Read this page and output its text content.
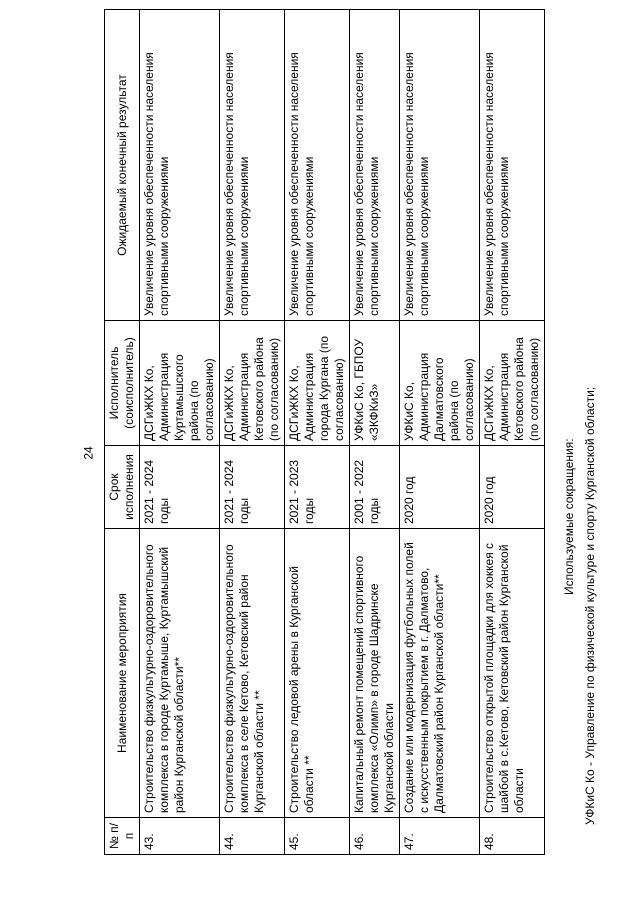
24
№ п/п	Наименование мероприятия	Срок исполнения	Исполнитель (соисполнитель)	Ожидаемый конечный результат
43.	Строительство физкультурно-оздоровительного комплекса в городе Куртамыше, Куртамышский район Курганской области**	2021 - 2024 годы	ДСГиЖКХ Ко, Администрация Куртамышского района (по согласованию)	Увеличение уровня обеспеченности населения спортивными сооружениями
44.	Строительство физкультурно-оздоровительного комплекса в селе Кетово, Кетовский район Курганской области **	2021 - 2024 годы	ДСГиЖКХ Ко, Администрация Кетовского района (по согласованию)	Увеличение уровня обеспеченности населения спортивными сооружениями
45.	Строительство ледовой арены в Курганской области **	2021 - 2023 годы	ДСГиЖКХ Ко, Администрация города Кургана (по согласованию)	Увеличение уровня обеспеченности населения спортивными сооружениями
46.	Капитальный ремонт помещений спортивного комплекса «Олимп» в городе Шадринске Курганской области	2001 - 2022 годы	УФКиС Ко, ГБПОУ «ЗКФКиЗ»	Увеличение уровня обеспеченности населения спортивными сооружениями
47.	Создание или модернизация футбольных полей с искусственным покрытием в г. Далматово, Далматовский район Курганской области**	2020 год	УФКиС Ко, Администрация Далматовского района (по согласованию)	Увеличение уровня обеспеченности населения спортивными сооружениями
48.	Строительство открытой площадки для хоккея с шайбой в с.Кетово, Кетовский район Курганской области	2020 год	ДСГиЖКХ Ко, Администрация Кетовского района (по согласованию)	Увеличение уровня обеспеченности населения спортивными сооружениями
Используемые сокращения: УФКиС Ко - Управление по физической культуре и спорту Курганской области;
